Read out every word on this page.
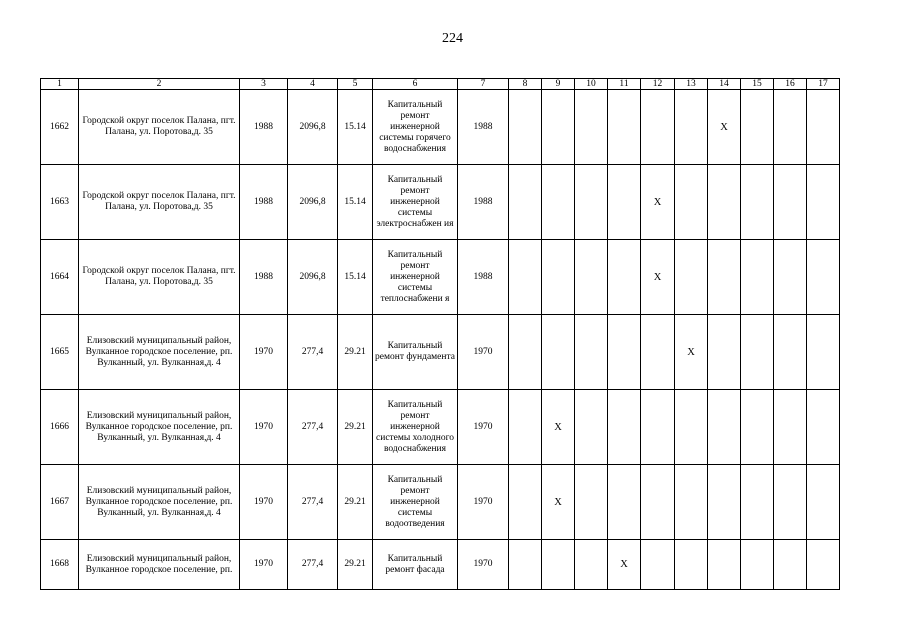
224
1	2	3	4	5	6	7	8	9	10	11	12	13	14	15	16	17
1662	Городской округ поселок Палана, пгт. Палана, ул. Поротова,д. 35	1988	2096,8	15.14	Капитальный ремонт инженерной системы горячего водоснабжения	1988							X			
1663	Городской округ поселок Палана, пгт. Палана, ул. Поротова,д. 35	1988	2096,8	15.14	Капитальный ремонт инженерной системы электроснабжен ия	1988					X					
1664	Городской округ поселок Палана, пгт. Палана, ул. Поротова,д. 35	1988	2096,8	15.14	Капитальный ремонт инженерной системы теплоснабжени я	1988					X					
1665	Елизовский муниципальный район, Вулканное городское поселение, рп. Вулканный, ул. Вулканная,д. 4	1970	277,4	29.21	Капитальный ремонт фундамента	1970						X				
1666	Елизовский муниципальный район, Вулканное городское поселение, рп. Вулканный, ул. Вулканная,д. 4	1970	277,4	29.21	Капитальный ремонт инженерной системы холодного водоснабжения	1970		X								
1667	Елизовский муниципальный район, Вулканное городское поселение, рп. Вулканный, ул. Вулканная,д. 4	1970	277,4	29.21	Капитальный ремонт инженерной системы водоотведения	1970		X								
1668	Елизовский муниципальный район, Вулканное городское поселение, рп.	1970	277,4	29.21	Капитальный ремонт фасада	1970				X						
